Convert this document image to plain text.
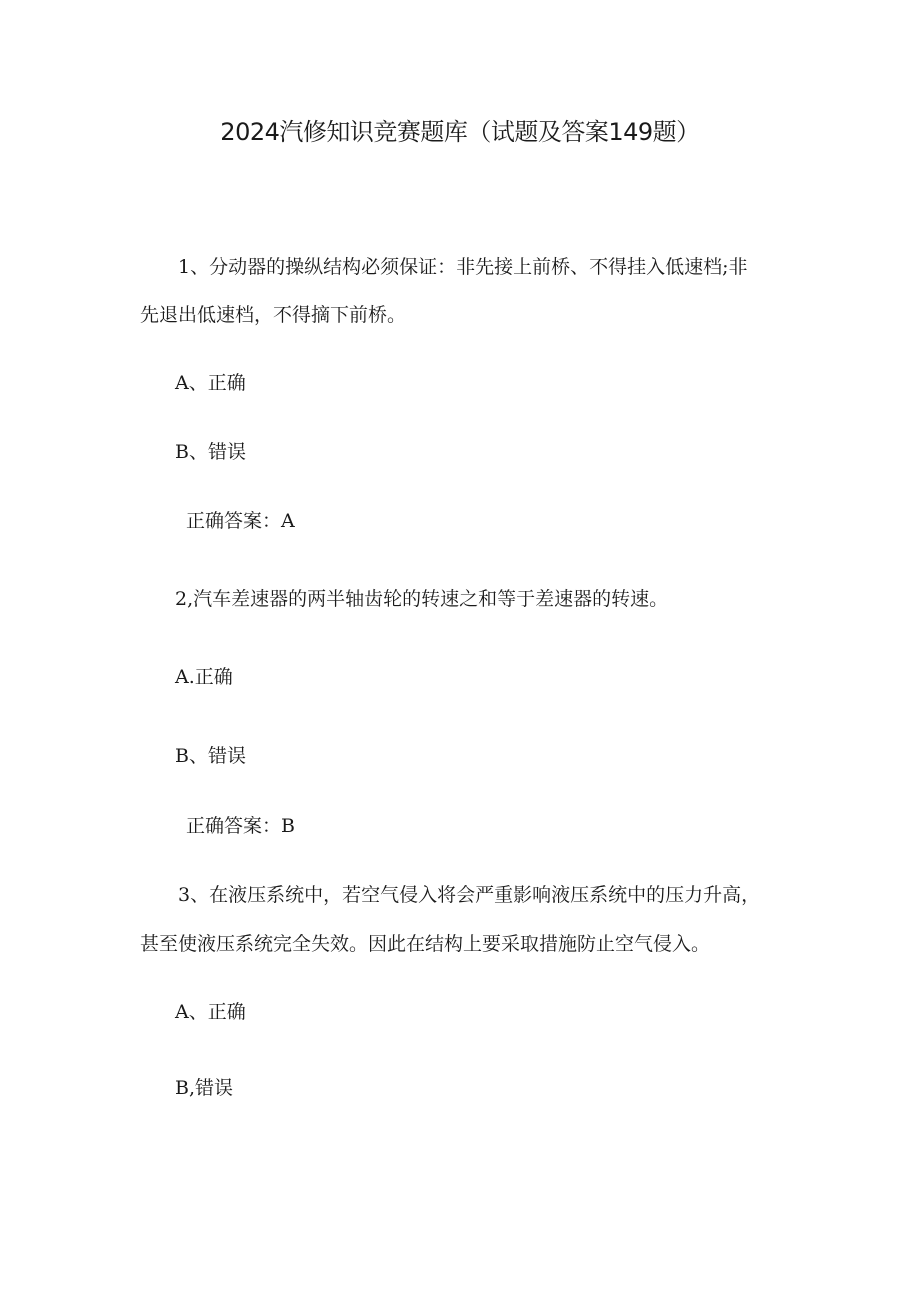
2024汽修知识竞赛题库（试题及答案149题）
1、分动器的操纵结构必须保证：非先接上前桥、不得挂入低速档;非
先退出低速档，不得摘下前桥。
A、正确
B、错误
正确答案：A
2,汽车差速器的两半轴齿轮的转速之和等于差速器的转速。
A.正确
B、错误
正确答案：B
3、在液压系统中，若空气侵入将会严重影响液压系统中的压力升高，
甚至使液压系统完全失效。因此在结构上要采取措施防止空气侵入。
A、正确
B,错误
